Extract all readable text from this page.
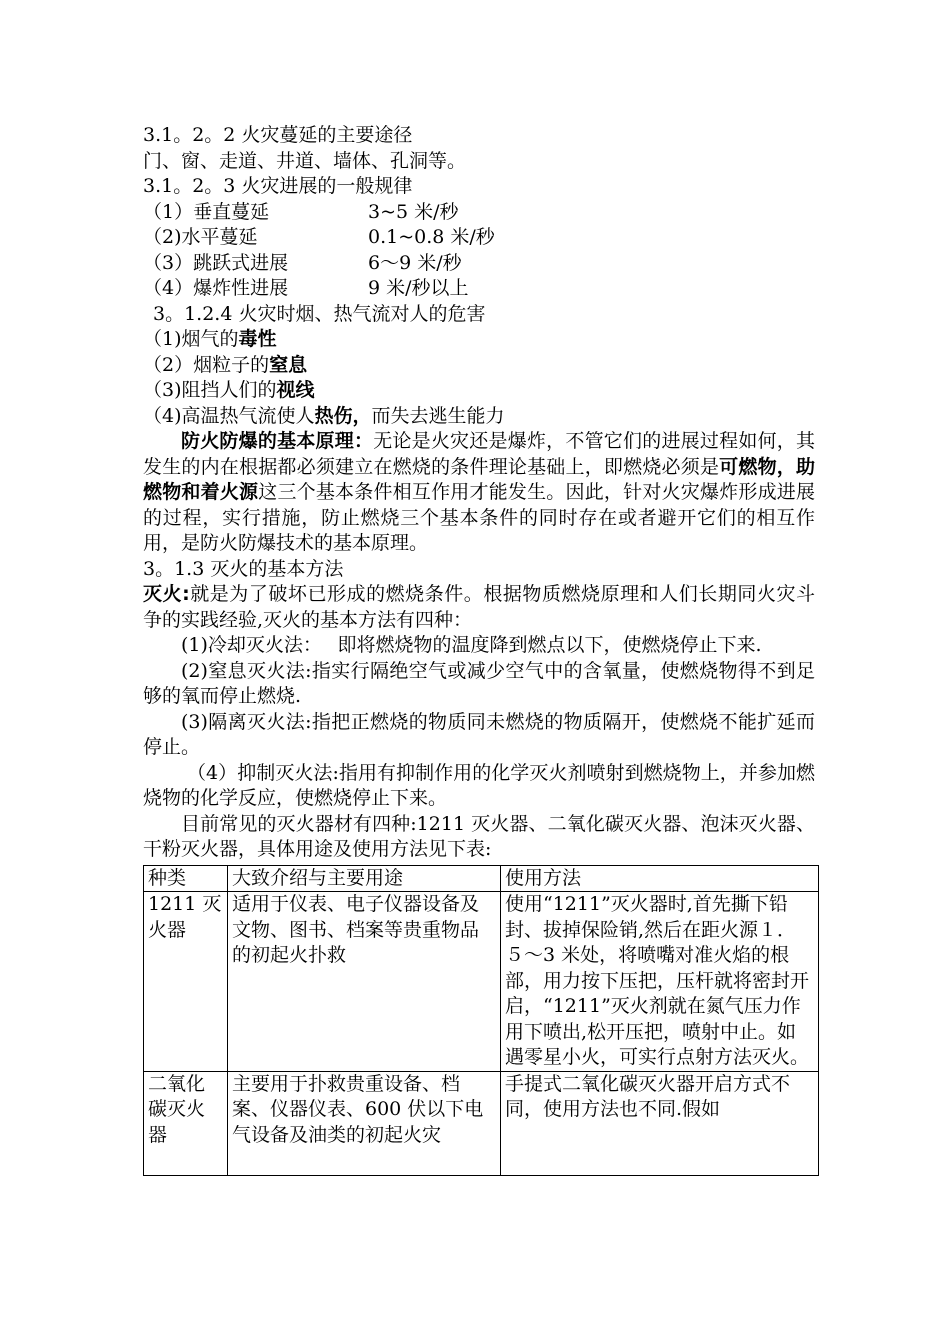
3.1。2。2 火灾蔓延的主要途径
门、窗、走道、井道、墙体、孔洞等。
3.1。2。3 火灾进展的一般规律
（1）垂直蔓延	3~5 米/秒
（2)水平蔓延	0.1~0.8 米/秒
（3）跳跃式进展	6～9 米/秒
（4）爆炸性进展	9 米/秒以上
3。1.2.4 火灾时烟、热气流对人的危害
（1)烟气的毒性
（2）烟粒子的窒息
（3)阻挡人们的视线
（4)高温热气流使人热伤，而失去逃生能力
防火防爆的基本原理：无论是火灾还是爆炸，不管它们的进展过程如何，其发生的内在根据都必须建立在燃烧的条件理论基础上，即燃烧必须是可燃物，助燃物和着火源这三个基本条件相互作用才能发生。因此，针对火灾爆炸形成进展的过程，实行措施，防止燃烧三个基本条件的同时存在或者避开它们的相互作用，是防火防爆技术的基本原理。
3。1.3 灭火的基本方法
灭火:就是为了破坏已形成的燃烧条件。根据物质燃烧原理和人们长期同火灾斗争的实践经验,灭火的基本方法有四种：
(1)冷却灭火法：　 即将燃烧物的温度降到燃点以下，使燃烧停止下来.
(2)窒息灭火法:指实行隔绝空气或减少空气中的含氧量，使燃烧物得不到足够的氧而停止燃烧.
(3)隔离灭火法:指把正燃烧的物质同未燃烧的物质隔开，使燃烧不能扩延而停止。
（4）抑制灭火法:指用有抑制作用的化学灭火剂喷射到燃烧物上，并参加燃烧物的化学反应，使燃烧停止下来。
目前常见的灭火器材有四种:1211 灭火器、二氧化碳灭火器、泡沫灭火器、干粉灭火器，具体用途及使用方法见下表:
种类	大致介绍与主要用途	使用方法
1211 灭火器	适用于仪表、电子仪器设备及文物、图书、档案等贵重物品的初起火扑救	使用“1211”灭火器时,首先撕下铅封、拔掉保险销,然后在距火源１．５～3 米处，将喷嘴对准火焰的根部，用力按下压把，压杆就将密封开启，“1211”灭火剂就在氮气压力作用下喷出,松开压把，喷射中止。如遇零星小火，可实行点射方法灭火。

二氧化碳灭火器	主要用于扑救贵重设备、档案、仪器仪表、600 伏以下电气设备及油类的初起火灾	手提式二氧化碳灭火器开启方式不同，使用方法也不同.假如
